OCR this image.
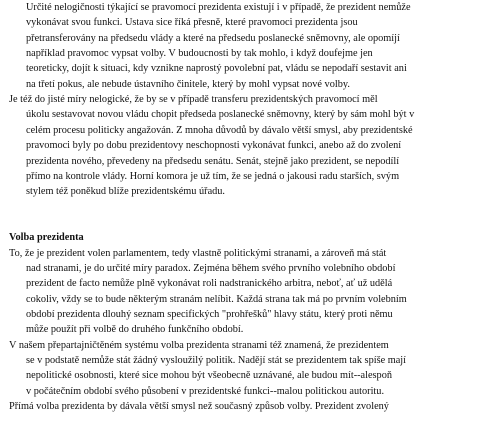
Určité nelogičnosti týkající se pravomocí prezidenta existují i v případě, že prezident nemůže

vykonávat svou funkci. Ustava sice říká přesně, které pravomoci prezidenta jsou

přetransferovány na předsedu vlády a které na předsedu poslanecké sněmovny, ale opomíjí

například pravomoc vypsat volby. V budoucnosti by tak mohlo, i když doufejme jen

teoreticky, dojít k situaci, kdy vznikne naprostý povolební pat, vládu se nepodaří sestavit ani

na třetí pokus, ale nebude ústavního činitele, který by mohl vypsat nové volby.

Je též do jisté míry nelogické, že by se v případě transferu prezidentských pravomocí měl

úkolu sestavovat novou vládu chopit předseda poslanecké sněmovny, který by sám mohl být v

celém procesu politicky angažován. Z mnoha důvodů by dávalo větší smysl, aby prezidentské

pravomoci byly po dobu prezidentovy neschopnosti vykonávat funkci, anebo až do zvolení

prezidenta nového, převedeny na předsedu senátu. Senát, stejně jako prezident, se nepodílí

přímo na kontrole vlády. Horní komora je už tím, že se jedná o jakousi radu starších, svým

stylem též poněkud blíže prezidentskému úřadu.

Volba prezidenta

To, že je prezident volen parlamentem, tedy vlastně politickými stranami, a zároveň má stát

nad stranami, je do určité míry paradox. Zejména během svého prvního volebního období

prezident de facto nemůže plně vykonávat roli nadstranického arbitra, neboť, ať už udělá

cokoliv, vždy se to bude některým stranám nelíbit. Každá strana tak má po prvním volebním

období prezidenta dlouhý seznam specifických "prohřešků" hlavy státu, který proti němu

může použít při volbě do druhého funkčního období.

V našem přepartajničtěném systému volba prezidenta stranami též znamená, že prezidentem

se v podstatě nemůže stát žádný vysloužilý politik. Nadějí stát se prezidentem tak spíše mají

nepolitické osobnosti, které sice mohou být všeobecně uznávané, ale budou mít--alespoň

v počátečním období svého působení v prezidentské funkci--malou politickou autoritu.

Přímá volba prezidenta by dávala větší smysl než současný způsob volby. Prezident zvolený
